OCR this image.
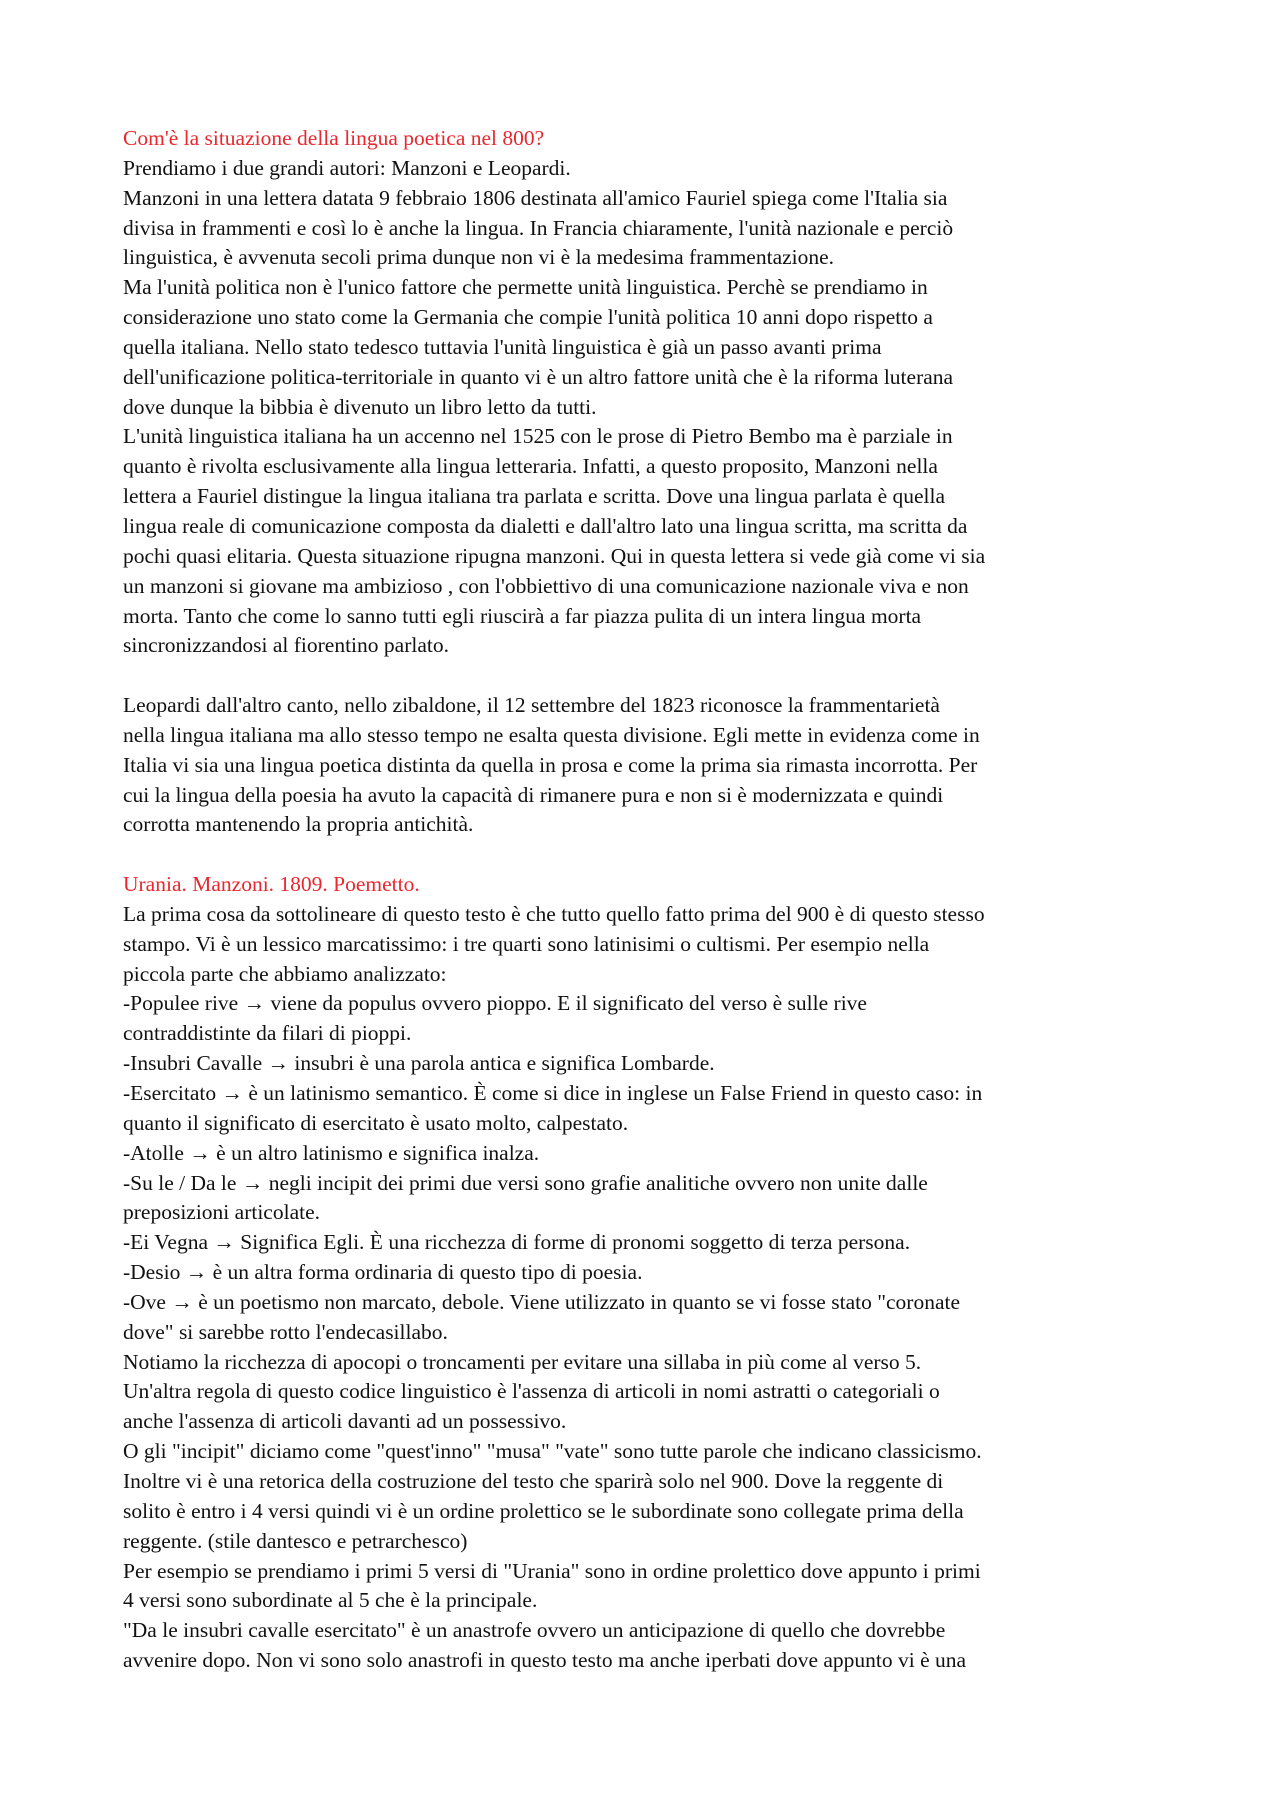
Com'è la situazione della lingua poetica nel 800?
Prendiamo i due grandi autori: Manzoni e Leopardi.
Manzoni in una lettera datata 9 febbraio 1806 destinata all'amico Fauriel spiega come l'Italia sia
divisa in frammenti e così lo è anche la lingua. In Francia chiaramente, l'unità nazionale e perciò
linguistica, è avvenuta secoli prima dunque non vi è la medesima frammentazione.
Ma l'unità politica non è l'unico fattore che permette unità linguistica. Perchè se prendiamo in
considerazione uno stato come la Germania che compie l'unità politica 10 anni dopo rispetto a
quella italiana. Nello stato tedesco tuttavia l'unità linguistica è già un passo avanti prima
dell'unificazione politica-territoriale in quanto vi è un altro fattore unità che è la riforma luterana
dove dunque la bibbia è divenuto un libro letto da tutti.
L'unità linguistica italiana ha un accenno nel 1525 con le prose di Pietro Bembo ma è parziale in
quanto è rivolta esclusivamente alla lingua letteraria. Infatti, a questo proposito, Manzoni nella
lettera a Fauriel distingue la lingua italiana tra parlata e scritta. Dove una lingua parlata è quella
lingua reale di comunicazione composta da dialetti e dall'altro lato una lingua scritta, ma scritta da
pochi quasi elitaria. Questa situazione ripugna manzoni. Qui in questa lettera si vede già come vi sia
un manzoni si giovane ma ambizioso , con l'obbiettivo di una comunicazione nazionale viva e non
morta. Tanto che come lo sanno tutti egli riuscirà a far piazza pulita di un intera lingua morta
sincronizzandosi al fiorentino parlato.
Leopardi dall'altro canto, nello zibaldone, il 12 settembre del 1823 riconosce la frammentarietà
nella lingua italiana ma allo stesso tempo ne esalta questa divisione. Egli mette in evidenza come in
Italia vi sia una lingua poetica distinta da quella in prosa e come la prima sia rimasta incorrotta. Per
cui la lingua della poesia ha avuto la capacità di rimanere pura e non si è modernizzata e quindi
corrotta mantenendo la propria antichità.
Urania. Manzoni. 1809. Poemetto.
La prima cosa da sottolineare di questo testo è che tutto quello fatto prima del 900 è di questo stesso
stampo. Vi è un lessico marcatissimo: i tre quarti sono latinisimi o cultismi. Per esempio nella
piccola parte che abbiamo analizzato:
-Populee rive → viene da populus ovvero pioppo. E il significato del verso è sulle rive
contraddistinte da filari di pioppi.
-Insubri Cavalle → insubri è una parola antica e significa Lombarde.
-Esercitato → è un latinismo semantico. È come si dice in inglese un False Friend in questo caso: in
quanto il significato di esercitato è usato molto, calpestato.
-Atolle → è un altro latinismo e significa inalza.
-Su le / Da le → negli incipit dei primi due versi sono grafie analitiche ovvero non unite dalle
preposizioni articolate.
-Ei Vegna → Significa Egli. È una ricchezza di forme di pronomi soggetto di terza persona.
-Desio → è un altra forma ordinaria di questo tipo di poesia.
-Ove → è un poetismo non marcato, debole. Viene utilizzato in quanto se vi fosse stato "coronate
dove" si sarebbe rotto l'endecasillabo.
Notiamo la ricchezza di apocopi o troncamenti per evitare una sillaba in più come al verso 5.
Un'altra regola di questo codice linguistico è l'assenza di articoli in nomi astratti o categoriali o
anche l'assenza di articoli davanti ad un possessivo.
O gli "incipit" diciamo come "quest'inno" "musa" "vate" sono tutte parole che indicano classicismo.
Inoltre vi è una retorica della costruzione del testo che sparirà solo nel 900. Dove la reggente di
solito è entro i 4 versi quindi vi è un ordine prolettico se le subordinate sono collegate prima della
reggente. (stile dantesco e petrarchesco)
Per esempio se prendiamo i primi 5 versi di "Urania" sono in ordine prolettico dove appunto i primi
4 versi sono subordinate al 5 che è la principale.
"Da le insubri cavalle esercitato" è un anastrofe ovvero un anticipazione di quello che dovrebbe
avvenire dopo. Non vi sono solo anastrofi in questo testo ma anche iperbati dove appunto vi è una
